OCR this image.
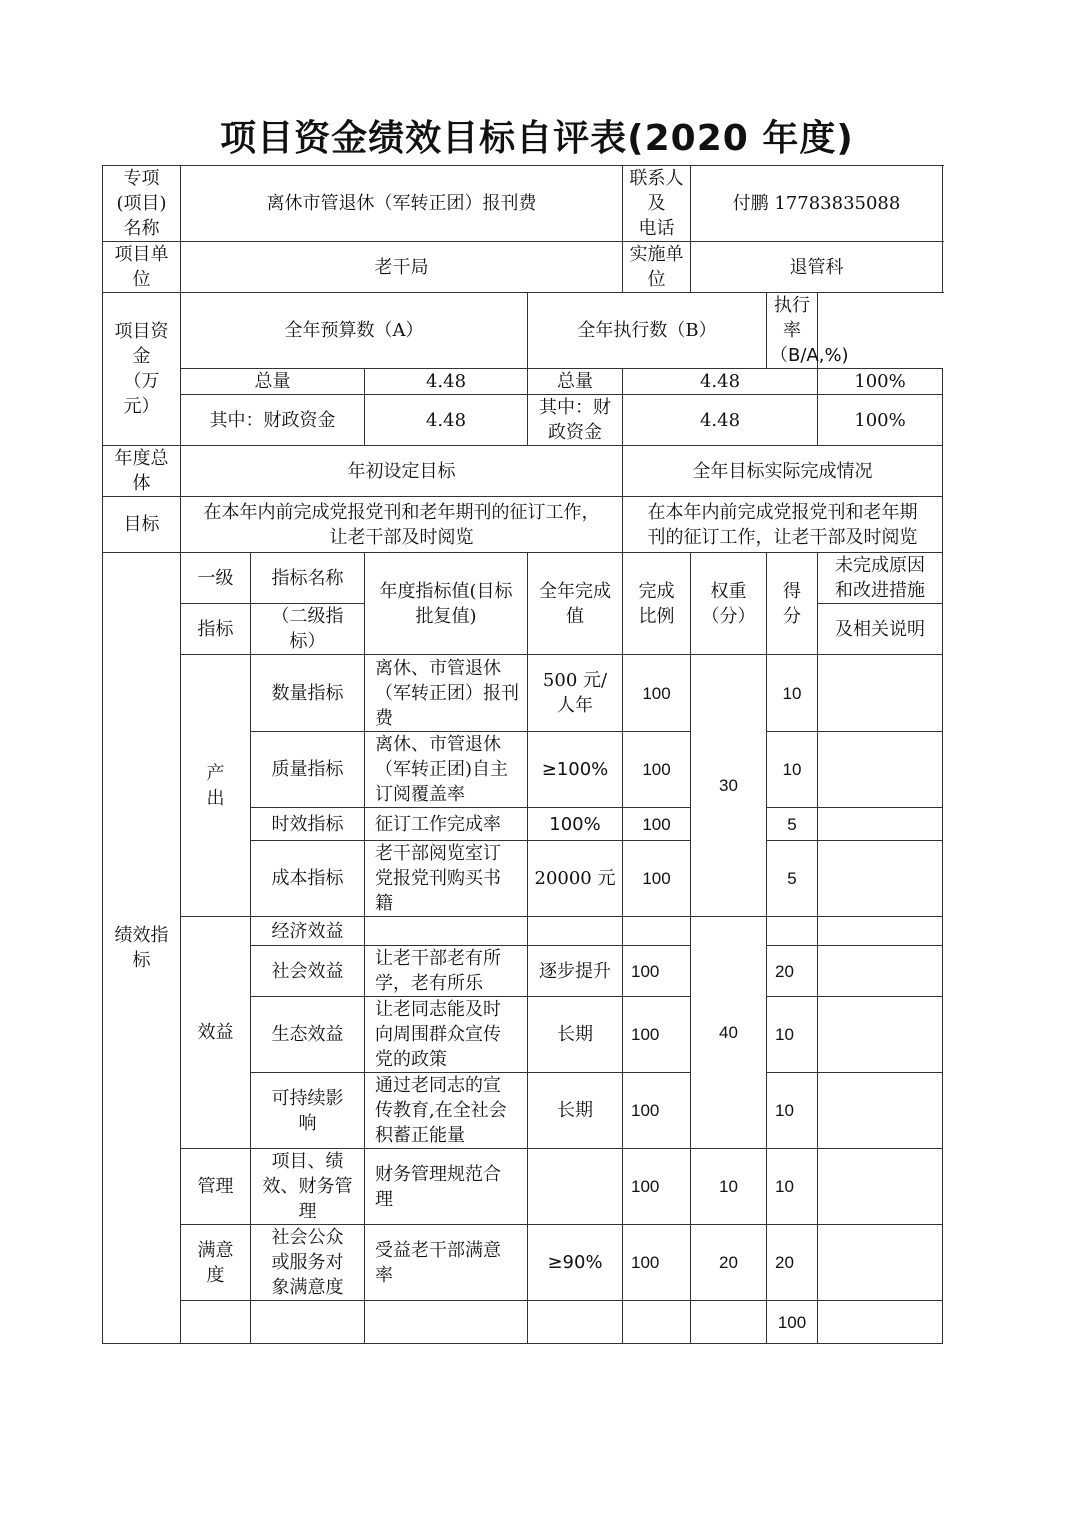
项目资金绩效目标自评表(2020 年度)
专项
(项目)
名称	离休市管退休（军转正团）报刊费				联系人及
电话	付鹏 17783835088			

项目单
位	老干局				实施单位	退管科			

项目资
金
（万
元）	全年预算数（A）			全年执行数（B）			执行率
（B/A,%)		

	总量		4.48	总量	4.48			100%	
	其中：财政资金		4.48	其中：财
政资金	4.48			100%	

年度总
体	年初设定目标				全年目标实际完成情况				
目标	在本年内前完成党报党刊和老年期刊的征订工作，
让老干部及时阅览				在本年内前完成党报党刊和老年期
刊的征订工作，让老干部及时阅览				

绩效指
标	一级	指标名称	年度指标值(目标
批复值)	全年完成
值	完成
比例	权重
（分）	得
分	未完成原因
和改进措施	

	指标	（二级指
标）						及相关说明	

	产
出	数量指标	离休、市管退休
（军转正团）报刊
费	500 元/
人年	100	30	10		
		质量指标	离休、市管退休
（军转正团)自主
订阅覆盖率	≥100%	100		10		
		时效指标	征订工作完成率	100%	100		5		
		成本指标	老干部阅览室订
党报党刊购买书
籍	20000 元	100		5		
	效益	经济效益				40			
		社会效益	让老干部老有所
学，老有所乐	逐步提升	100		20		
		生态效益	让老同志能及时
向周围群众宣传
党的政策	长期	100		10		

		可持续影
响	通过老同志的宣
传教育,在全社会
积蓄正能量	长期	100		10		
	管理	项目、绩
效、财务管
理	财务管理规范合
理		100	10	10		

	满意
度	社会公众
或服务对
象满意度	受益老干部满意
率	≥90%	100	20	20		
							100		
